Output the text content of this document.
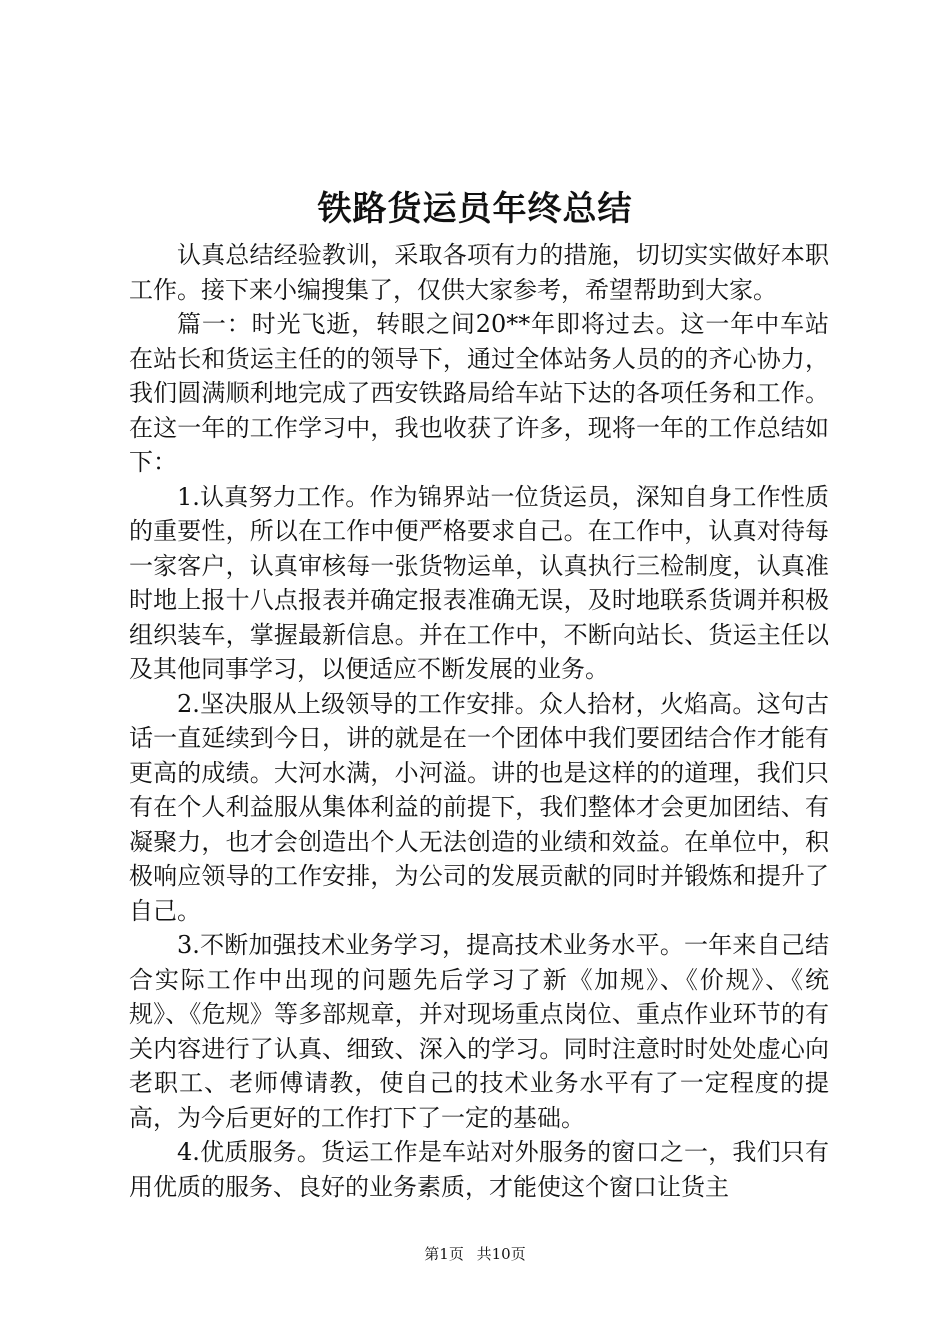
铁路货运员年终总结

认真总结经验教训，采取各项有力的措施，切切实实做好本职工作。接下来小编搜集了，仅供大家参考，希望帮助到大家。

篇一：时光飞逝，转眼之间20**年即将过去。这一年中车站在站长和货运主任的的领导下，通过全体站务人员的的齐心协力，我们圆满顺利地完成了西安铁路局给车站下达的各项任务和工作。在这一年的工作学习中，我也收获了许多，现将一年的工作总结如下：

1.认真努力工作。作为锦界站一位货运员，深知自身工作性质的重要性，所以在工作中便严格要求自己。在工作中，认真对待每一家客户，认真审核每一张货物运单，认真执行三检制度，认真准时地上报十八点报表并确定报表准确无误，及时地联系货调并积极组织装车，掌握最新信息。并在工作中，不断向站长、货运主任以及其他同事学习，以便适应不断发展的业务。

2.坚决服从上级领导的工作安排。众人拾材，火焰高。这句古话一直延续到今日，讲的就是在一个团体中我们要团结合作才能有更高的成绩。大河水满，小河溢。讲的也是这样的的道理，我们只有在个人利益服从集体利益的前提下，我们整体才会更加团结、有凝聚力，也才会创造出个人无法创造的业绩和效益。在单位中，积极响应领导的工作安排，为公司的发展贡献的同时并锻炼和提升了自己。

3.不断加强技术业务学习，提高技术业务水平。一年来自己结合实际工作中出现的问题先后学习了新《加规》、《价规》、《统规》、《危规》等多部规章，并对现场重点岗位、重点作业环节的有关内容进行了认真、细致、深入的学习。同时注意时时处处虚心向老职工、老师傅请教，使自己的技术业务水平有了一定程度的提高，为今后更好的工作打下了一定的基础。

4.优质服务。货运工作是车站对外服务的窗口之一，我们只有用优质的服务、良好的业务素质，才能使这个窗口让货主

第1页 共10页
